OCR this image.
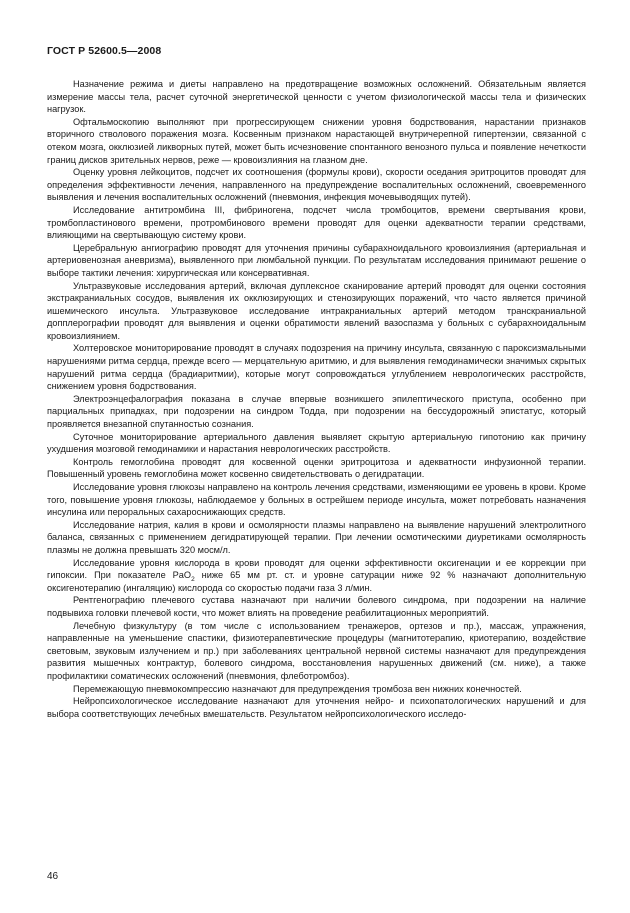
ГОСТ Р 52600.5—2008

Назначение режима и диеты направлено на предотвращение возможных осложнений. Обязательным является измерение массы тела, расчет суточной энергетической ценности с учетом физиологической массы тела и физических нагрузок.

Офтальмоскопию выполняют при прогрессирующем снижении уровня бодрствования, нарастании признаков вторичного стволового поражения мозга. Косвенным признаком нарастающей внутричерепной гипертензии, связанной с отеком мозга, окклюзией ликворных путей, может быть исчезновение спонтанного венозного пульса и появление нечеткости границ дисков зрительных нервов, реже — кровоизлияния на глазном дне.

Оценку уровня лейкоцитов, подсчет их соотношения (формулы крови), скорости оседания эритроцитов проводят для определения эффективности лечения, направленного на предупреждение воспалительных осложнений, своевременного выявления и лечения воспалительных осложнений (пневмония, инфекция мочевыводящих путей).

Исследование антитромбина III, фибриногена, подсчет числа тромбоцитов, времени свертывания крови, тромбопластинового времени, протромбинового времени проводят для оценки адекватности терапии средствами, влияющими на свертывающую систему крови.

Церебральную ангиографию проводят для уточнения причины субарахноидального кровоизлияния (артериальная и артериовенозная аневризма), выявленного при люмбальной пункции. По результатам исследования принимают решение о выборе тактики лечения: хирургическая или консервативная.

Ультразвуковые исследования артерий, включая дуплексное сканирование артерий проводят для оценки состояния экстракраниальных сосудов, выявления их окклюзирующих и стенозирующих поражений, что часто является причиной ишемического инсульта. Ультразвуковое исследование интракраниальных артерий методом транскраниальной допплерографии проводят для выявления и оценки обратимости явлений вазоспазма у больных с субарахноидальным кровоизлиянием.

Холтеровское мониторирование проводят в случаях подозрения на причину инсульта, связанную с пароксизмальными нарушениями ритма сердца, прежде всего — мерцательную аритмию, и для выявления гемодинамически значимых скрытых нарушений ритма сердца (брадиаритмии), которые могут сопровождаться углублением неврологических расстройств, снижением уровня бодрствования.

Электроэнцефалография показана в случае впервые возникшего эпилептического приступа, особенно при парциальных припадках, при подозрении на синдром Тодда, при подозрении на бессудорожный эпистатус, который проявляется внезапной спутанностью сознания.

Суточное мониторирование артериального давления выявляет скрытую артериальную гипотонию как причину ухудшения мозговой гемодинамики и нарастания неврологических расстройств.

Контроль гемоглобина проводят для косвенной оценки эритроцитоза и адекватности инфузионной терапии. Повышенный уровень гемоглобина может косвенно свидетельствовать о дегидратации.

Исследование уровня глюкозы направлено на контроль лечения средствами, изменяющими ее уровень в крови. Кроме того, повышение уровня глюкозы, наблюдаемое у больных в острейшем периоде инсульта, может потребовать назначения инсулина или пероральных сахароснижающих средств.

Исследование натрия, калия в крови и осмолярности плазмы направлено на выявление нарушений электролитного баланса, связанных с применением дегидратирующей терапии. При лечении осмотическими диуретиками осмолярность плазмы не должна превышать 320 мосм/л.

Исследование уровня кислорода в крови проводят для оценки эффективности оксигенации и ее коррекции при гипоксии. При показателе PaO$_2$ ниже 65 мм рт. ст. и уровне сатурации ниже 92 % назначают дополнительную оксигенотерапию (ингаляцию) кислорода со скоростью подачи газа 3 л/мин.

Рентгенографию плечевого сустава назначают при наличии болевого синдрома, при подозрении на наличие подвывиха головки плечевой кости, что может влиять на проведение реабилитационных мероприятий.

Лечебную физкультуру (в том числе с использованием тренажеров, ортезов и пр.), массаж, упражнения, направленные на уменьшение спастики, физиотерапевтические процедуры (магнитотерапию, криотерапию, воздействие световым, звуковым излучением и пр.) при заболеваниях центральной нервной системы назначают для предупреждения развития мышечных контрактур, болевого синдрома, восстановления нарушенных движений (см. ниже), а также профилактики соматических осложнений (пневмония, флеботромбоз).

Перемежающую пневмокомпрессию назначают для предупреждения тромбоза вен нижних конечностей.

Нейропсихологическое исследование назначают для уточнения нейро- и психопатологических нарушений и для выбора соответствующих лечебных вмешательств. Результатом нейропсихологического исследо-

46
